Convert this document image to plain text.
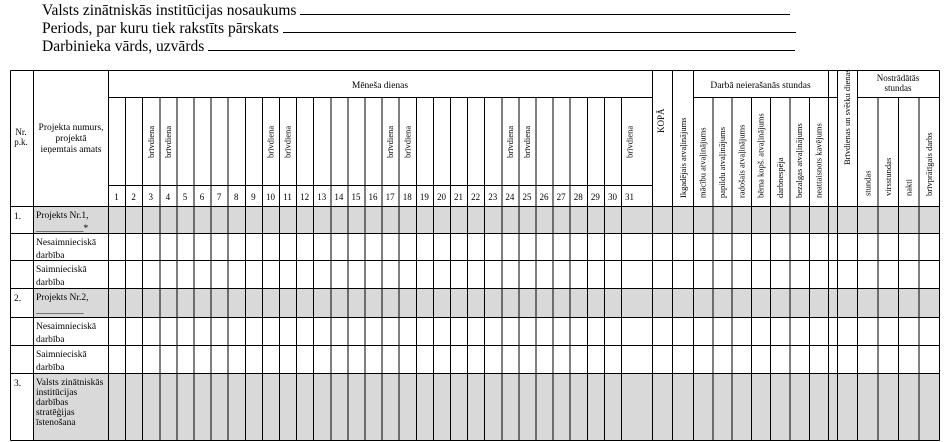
Valsts zinātniskās institūcijas nosaukums
Periods, par kuru tiek rakstīts pārskats
Darbinieka vārds, uzvārds
Nr.
p.k.
Projekta numurs,
projektā
ieņemtais amats
Mēneša dienas
1 2 3
brīvdiena
4
brīvdiena
5 6 7 8 9 10
brīvdiena
11
brīvdiena
12 13 14 15 16 17
brīvdiena
18
brīvdiena
19 20 21 22 23 24
brīvdiena
25
brīvdiena
26 27 28 29 30 31
brīvdiena
KOPĀ Ikgadējais atvaļinājums
Darbā neierašanās stundas
mācību atvaļinājums papildu atvaļinājums radošais atvaļinājums bērna kopš. atvaļinājums darbnespēja bezalgas atvaļinājums neattaisnots kavējums Brīvdienas un svētku dienas	Nostrādātās
stundas
stundas virsstundas nakti brīvprātīgais darbs
1. Projekts Nr.1,
__________*
Nesaimnieciskā
darbība
Saimnieciskā
darbība
2. Projekts Nr.2,
__________
Nesaimnieciskā
darbība
Saimnieciskā
darbība
3. Valsts zinātniskās
institūcijas
darbības
stratēģijas
īstenošana
